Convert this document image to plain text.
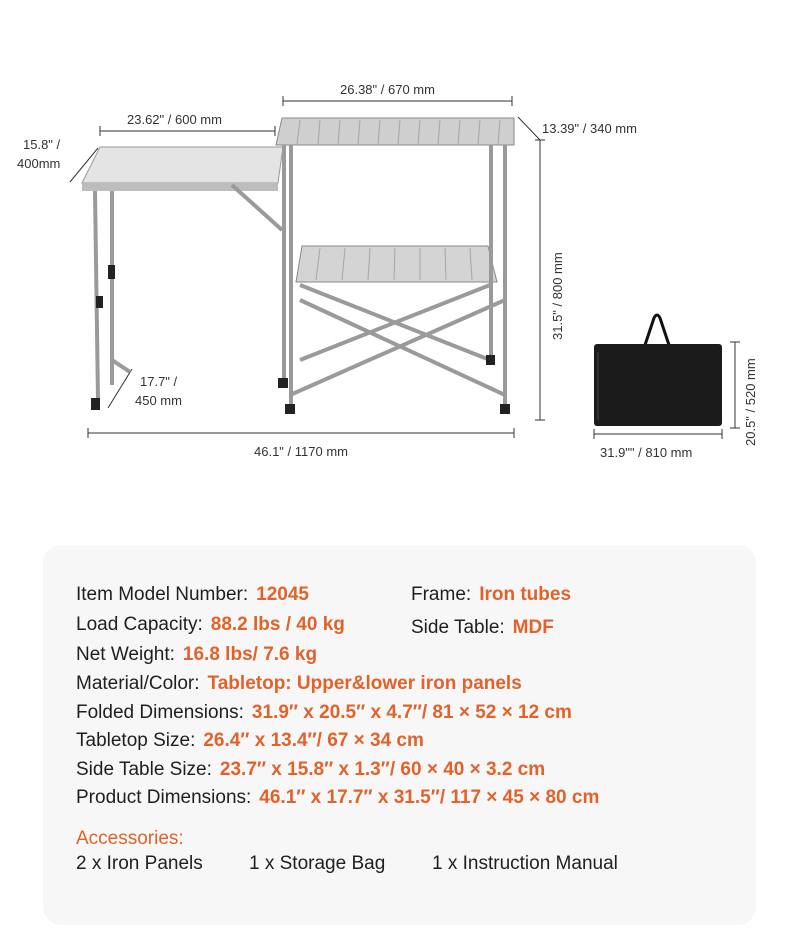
26.38" / 670 mm
13.39" / 340 mm
23.62" / 600 mm
15.8" /
400mm
31.5" / 800 mm
17.7" /
450 mm
46.1" / 1170 mm
20.5" / 520 mm
31.9"" / 810 mm
Item Model Number: 12045	Frame: Iron tubes
Load Capacity: 88.2 lbs / 40 kg	Side Table: MDF
Net Weight: 16.8 lbs/ 7.6 kg
Material/Color: Tabletop: Upper&lower iron panels
Folded Dimensions: 31.9′′ x 20.5′′ x 4.7′′/ 81 × 52 × 12 cm
Tabletop Size: 26.4′′ x 13.4′′/ 67 × 34 cm
Side Table Size: 23.7′′ x 15.8′′ x 1.3′′/ 60 × 40 × 3.2 cm
Product Dimensions: 46.1′′ x 17.7′′ x 31.5′′/ 117 × 45 × 80 cm
Accessories:
2 x Iron Panels 1 x Storage Bag 1 x Instruction Manual
